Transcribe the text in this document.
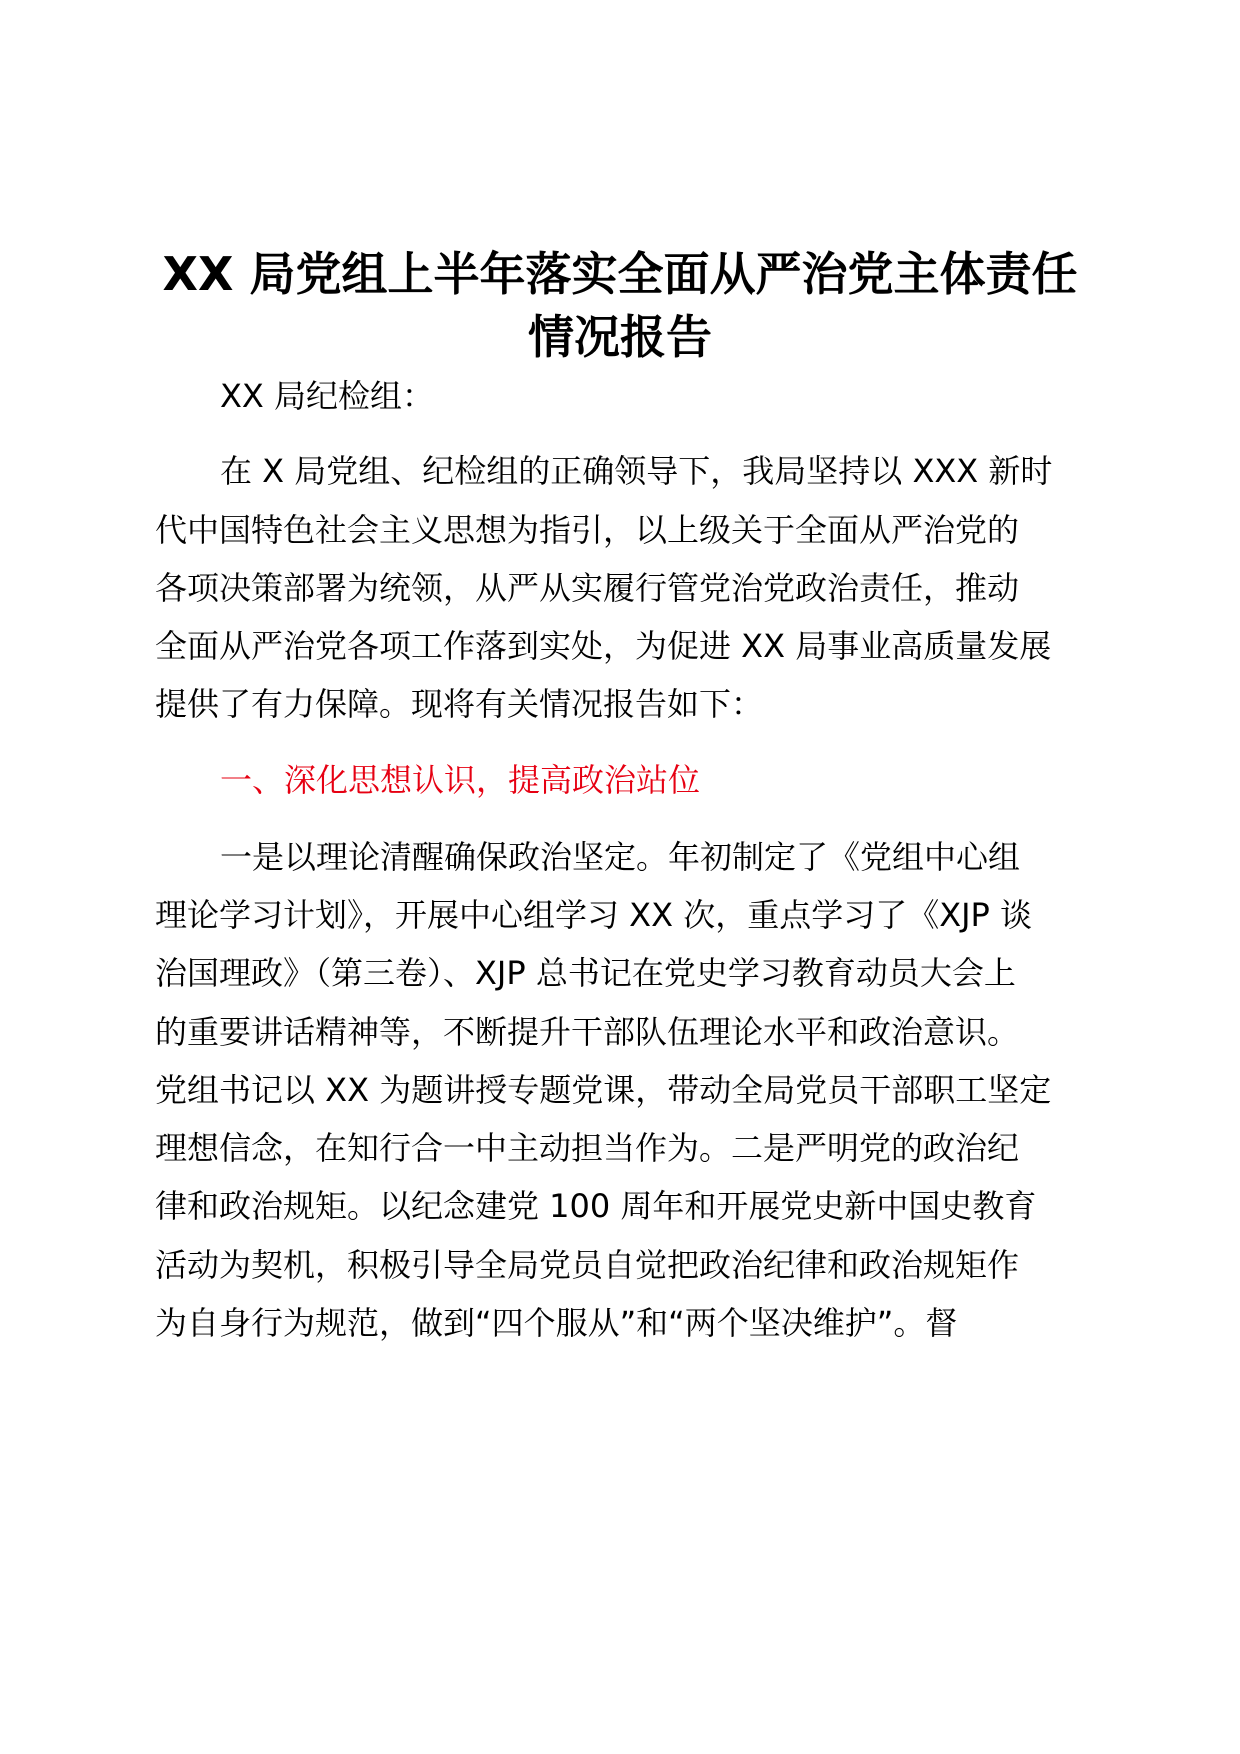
XX 局党组上半年落实全面从严治党主体责任
情况报告

XX 局纪检组：

在 X 局党组、纪检组的正确领导下，我局坚持以 XXX 新时

代中国特色社会主义思想为指引，以上级关于全面从严治党的

各项决策部署为统领，从严从实履行管党治党政治责任，推动

全面从严治党各项工作落到实处，为促进 XX 局事业高质量发展

提供了有力保障。现将有关情况报告如下：

一、深化思想认识，提高政治站位

一是以理论清醒确保政治坚定。年初制定了《党组中心组

理论学习计划》，开展中心组学习 XX 次，重点学习了《XJP 谈

治国理政》（第三卷）、XJP 总书记在党史学习教育动员大会上

的重要讲话精神等，不断提升干部队伍理论水平和政治意识。

党组书记以 XX 为题讲授专题党课，带动全局党员干部职工坚定

理想信念，在知行合一中主动担当作为。二是严明党的政治纪

律和政治规矩。以纪念建党 100 周年和开展党史新中国史教育

活动为契机，积极引导全局党员自觉把政治纪律和政治规矩作

为自身行为规范，做到“四个服从”和“两个坚决维护”。督
